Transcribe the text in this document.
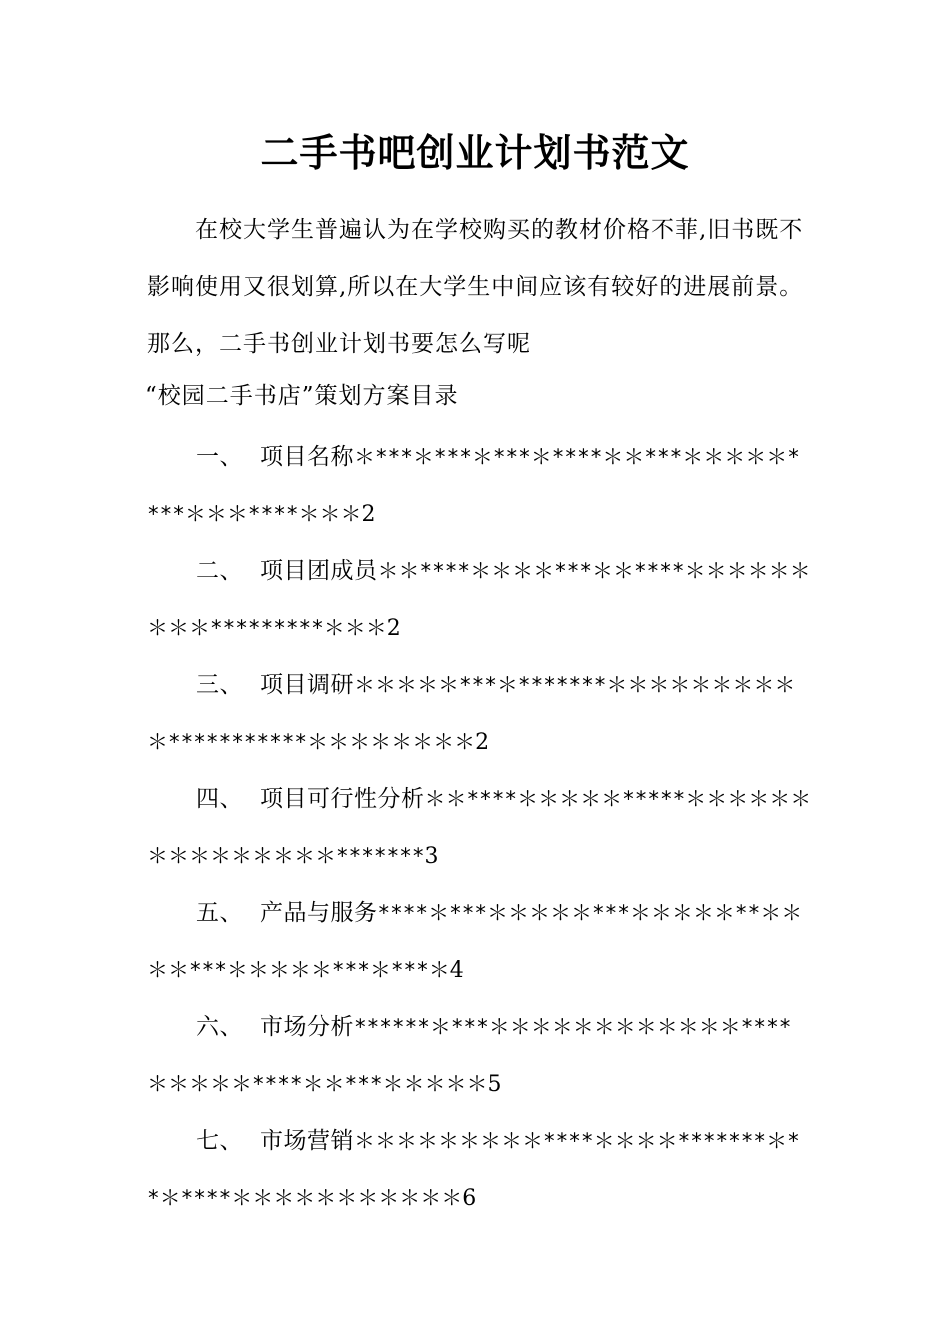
二手书吧创业计划书范文

在校大学生普遍认为在学校购买的教材价格不菲,旧书既不影响使用又很划算,所以在大学生中间应该有较好的进展前景。那么，二手书创业计划书要怎么写呢

“校园二手书店”策划方案目录
一、 项目名称＊***＊***＊***＊****＊＊***＊＊＊＊＊****＊＊＊****＊＊＊2
二、 项目团成员＊＊****＊＊＊＊***＊＊****＊＊＊＊＊＊＊＊＊*********＊＊＊2
三、 项目调研＊＊＊＊＊***＊*******＊＊＊＊＊＊＊＊＊＊***********＊＊＊＊＊＊＊＊2
四、 项目可行性分析＊＊****＊＊＊＊＊*****＊＊＊＊＊＊＊＊＊＊＊＊＊＊＊*******3
五、 产品与服务****＊***＊＊＊＊＊***＊＊＊＊＊**＊＊＊＊***＊＊＊＊＊***＊***＊4
六、 市场分析******＊***＊＊＊＊＊＊＊＊＊＊＊＊****＊＊＊＊＊****＊＊***＊＊＊＊＊5
七、 市场营销＊＊＊＊＊＊＊＊＊****＊＊＊＊*******＊**＊****＊＊＊＊＊＊＊＊＊＊＊6
